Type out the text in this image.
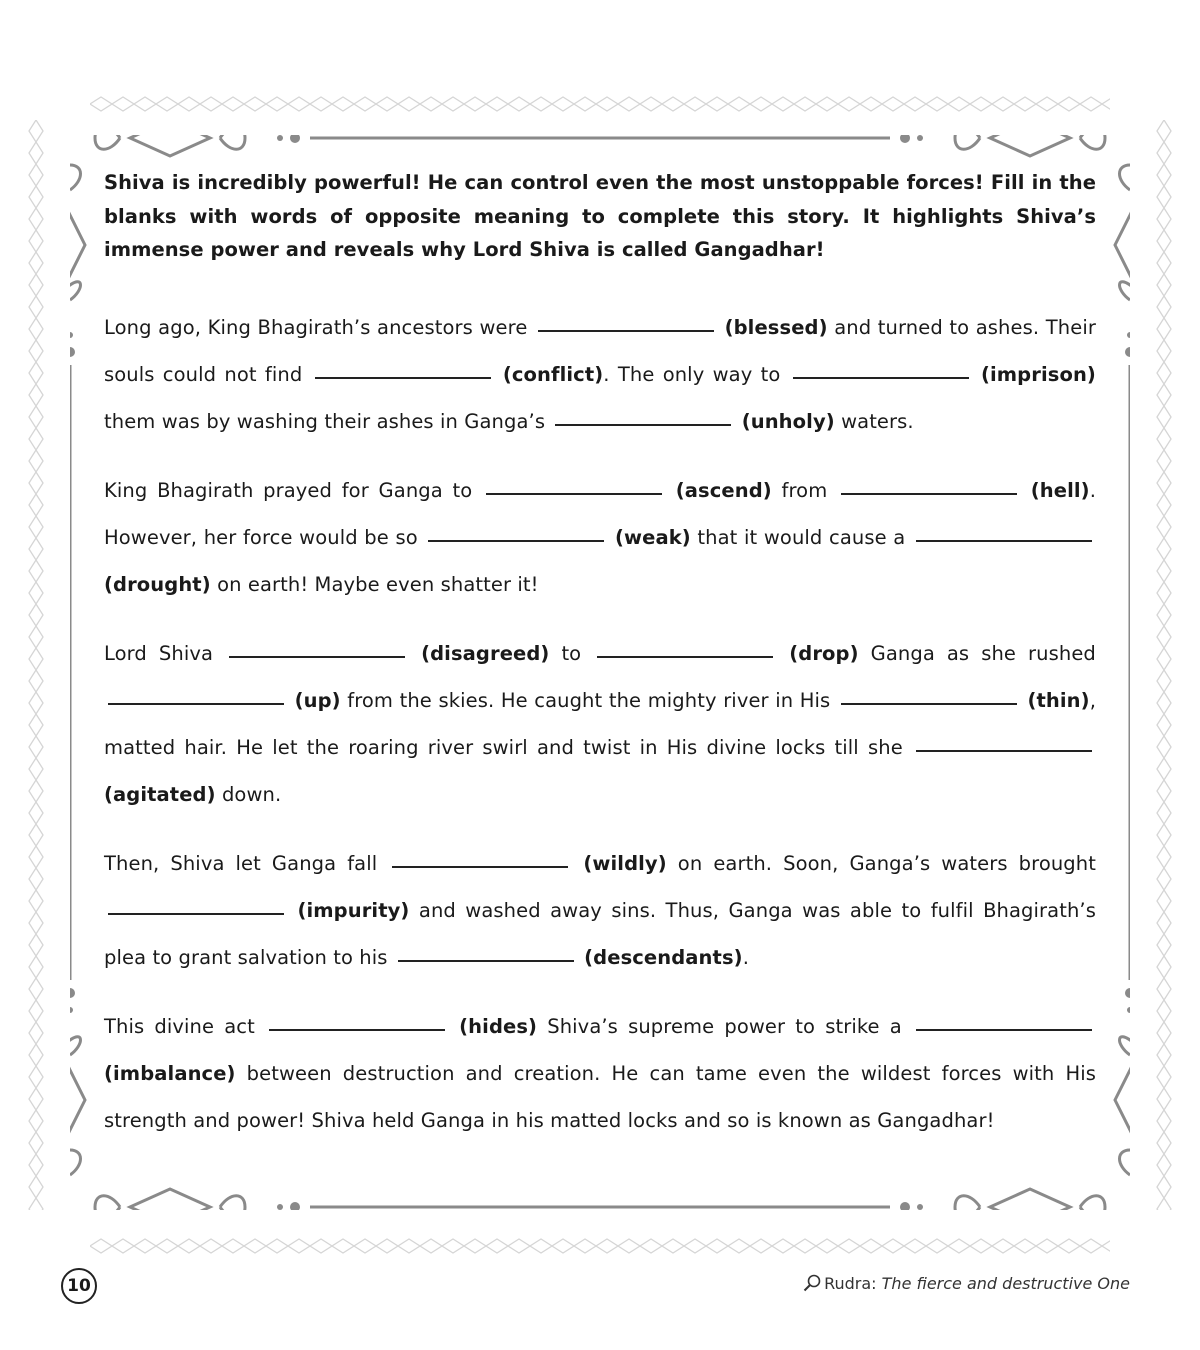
Shiva is incredibly powerful! He can control even the most unstoppable forces! Fill in the blanks with words of opposite meaning to complete this story. It highlights Shiva’s immense power and reveals why Lord Shiva is called Gangadhar!

Long ago, King Bhagirath’s ancestors were	(blessed) and turned to ashes. Their souls could not find	(conflict). The only way to	(imprison) them was by washing their ashes in Ganga’s	(unholy) waters.

King Bhagirath prayed for Ganga to	(ascend) from	(hell). However, her force would be so	(weak) that it would cause a  (drought) on earth! Maybe even shatter it!

Lord Shiva	(disagreed) to	(drop) Ganga as she rushed  (up) from the skies. He caught the mighty river in His	(thin), matted hair. He let the roaring river swirl and twist in His divine locks till she  (agitated) down.

Then, Shiva let Ganga fall	(wildly) on earth. Soon, Ganga’s waters brought  (impurity) and washed away sins. Thus, Ganga was able to fulfil Bhagirath’s plea to grant salvation to his	(descendants).

This divine act	(hides) Shiva’s supreme power to strike a  (imbalance) between destruction and creation. He can tame even the wildest forces with His strength and power! Shiva held Ganga in his matted locks and so is known as Gangadhar!

10	Rudra: The fierce and destructive One
